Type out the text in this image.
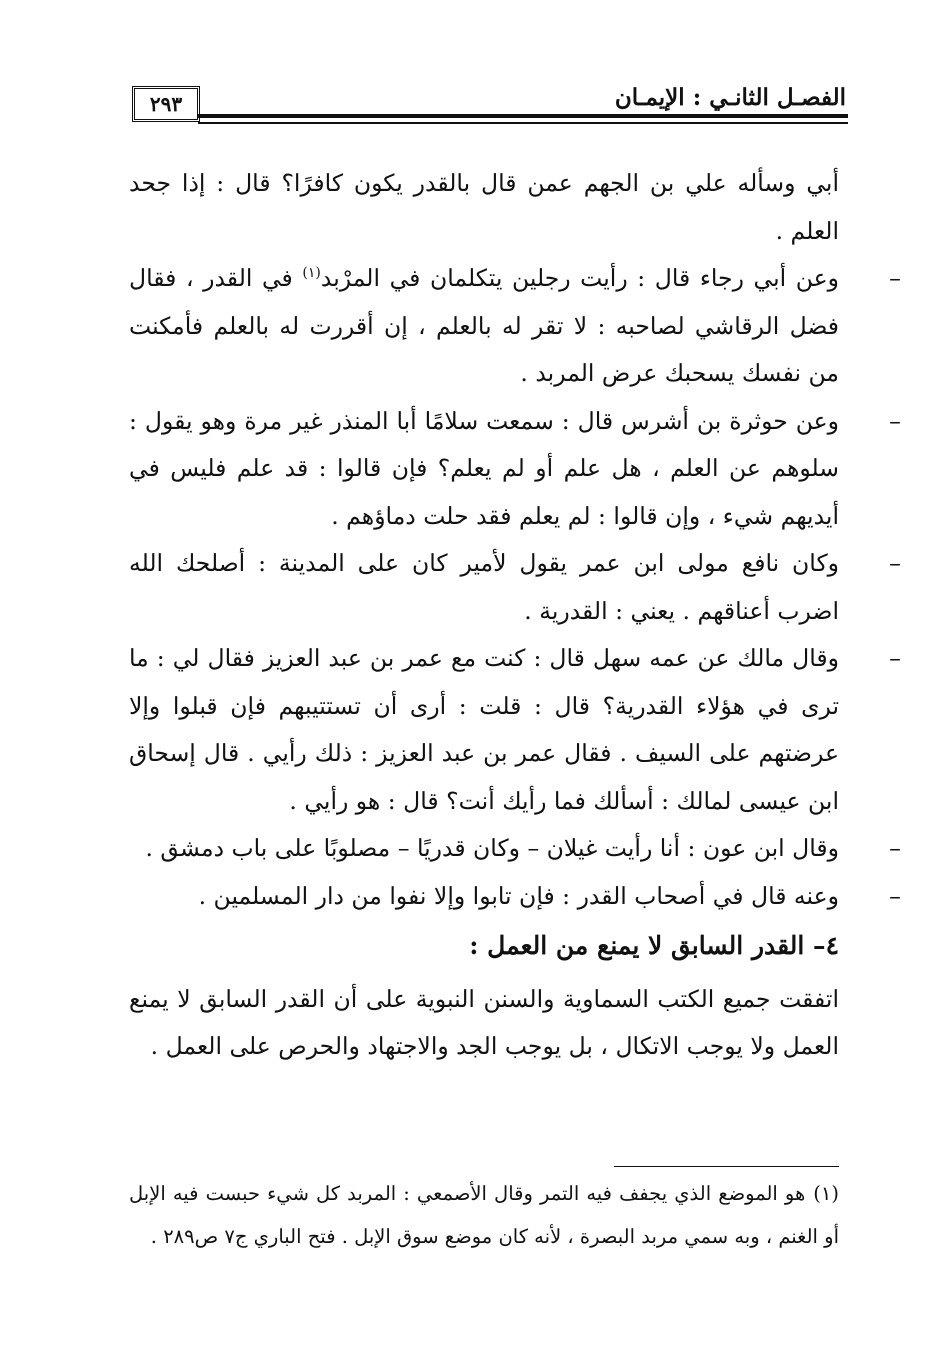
الفصـل الثانـي : الإيمـان
٢٩٣

أبي وسأله علي بن الجهم عمن قال بالقدر يكون كافرًا؟ قال : إذا جحد العلم .

–
وعن أبي رجاء قال : رأيت رجلين يتكلمان في المرْبد$^{(١)}$ في القدر ، فقال فضل الرقاشي لصاحبه : لا تقر له بالعلم ، إن أقررت له بالعلم فأمكنت من نفسك يسحبك عرض المربد .

–
وعن حوثرة بن أشرس قال : سمعت سلامًا أبا المنذر غير مرة وهو يقول : سلوهم عن العلم ، هل علم أو لم يعلم؟ فإن قالوا : قد علم فليس في أيديهم شيء ، وإن قالوا : لم يعلم فقد حلت دماؤهم .

–
وكان نافع مولى ابن عمر يقول لأمير كان على المدينة : أصلحك الله اضرب أعناقهم . يعني : القدرية .

–
وقال مالك عن عمه سهل قال : كنت مع عمر بن عبد العزيز فقال لي : ما ترى في هؤلاء القدرية؟ قال : قلت : أرى أن تستتيبهم فإن قبلوا وإلا عرضتهم على السيف . فقال عمر بن عبد العزيز : ذلك رأيي . قال إسحاق ابن عيسى لمالك : أسألك فما رأيك أنت؟ قال : هو رأيي .

–
وقال ابن عون : أنا رأيت غيلان – وكان قدريًا – مصلوبًا على باب دمشق .

–
وعنه قال في أصحاب القدر : فإن تابوا وإلا نفوا من دار المسلمين .

٤– القدر السابق لا يمنع من العمل :

اتفقت جميع الكتب السماوية والسنن النبوية على أن القدر السابق لا يمنع العمل ولا يوجب الاتكال ، بل يوجب الجد والاجتهاد والحرص على العمل .

(١)هو الموضع الذي يجفف فيه التمر وقال الأصمعي : المربد كل شيء حبست فيه الإبل أو الغنم ، وبه سمي مربد البصرة ، لأنه كان موضع سوق الإبل . فتح الباري ج٧ ص٢٨٩ .
